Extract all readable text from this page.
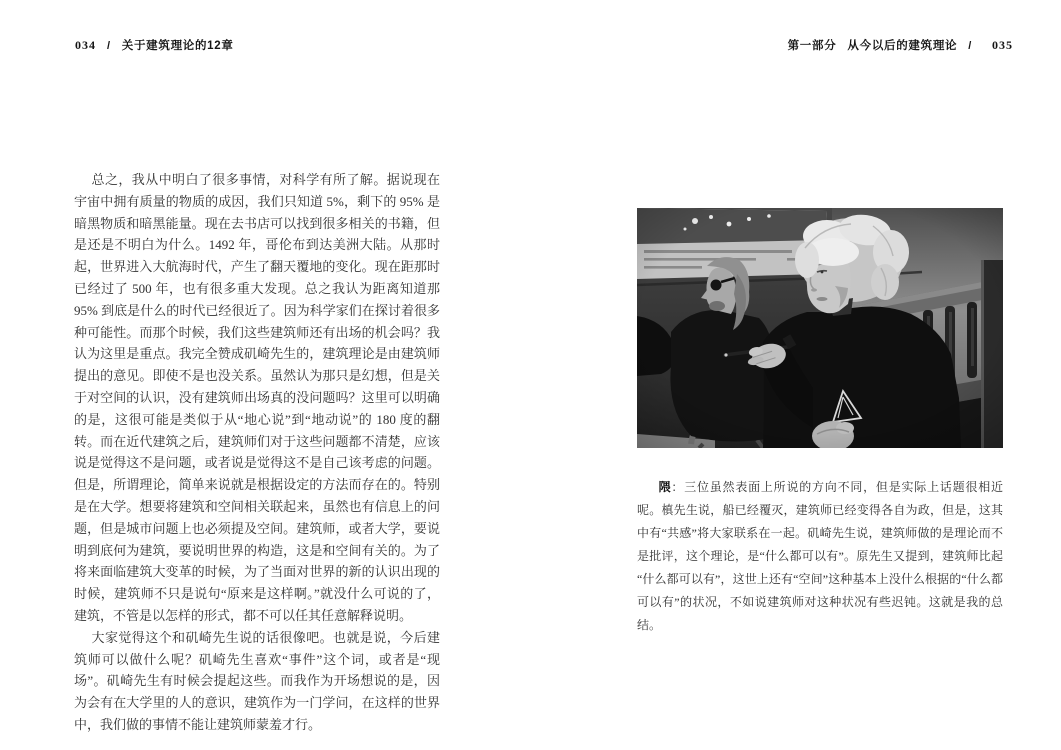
034 / 关于建筑理论的12章	第一部分 从今以后的建筑理论 / 035

总之，我从中明白了很多事情，对科学有所了解。据说现在宇宙中拥有质量的物质的成因，我们只知道 5%，剩下的 95% 是暗黑物质和暗黑能量。现在去书店可以找到很多相关的书籍，但是还是不明白为什么。1492 年，哥伦布到达美洲大陆。从那时起，世界进入大航海时代，产生了翻天覆地的变化。现在距那时已经过了 500 年，也有很多重大发现。总之我认为距离知道那 95% 到底是什么的时代已经很近了。因为科学家们在探讨着很多种可能性。而那个时候，我们这些建筑师还有出场的机会吗？我认为这里是重点。我完全赞成矶崎先生的，建筑理论是由建筑师提出的意见。即使不是也没关系。虽然认为那只是幻想，但是关于对空间的认识，没有建筑师出场真的没问题吗？这里可以明确的是，这很可能是类似于从“地心说”到“地动说”的 180 度的翻转。而在近代建筑之后，建筑师们对于这些问题都不清楚，应该说是觉得这不是问题，或者说是觉得这不是自己该考虑的问题。但是，所谓理论，简单来说就是根据设定的方法而存在的。特别是在大学。想要将建筑和空间相关联起来，虽然也有信息上的问题，但是城市问题上也必须提及空间。建筑师，或者大学，要说明到底何为建筑，要说明世界的构造，这是和空间有关的。为了将来面临建筑大变革的时候，为了当面对世界的新的认识出现的时候，建筑师不只是说句“原来是这样啊。”就没什么可说的了，建筑，不管是以怎样的形式，都不可以任其任意解释说明。

大家觉得这个和矶崎先生说的话很像吧。也就是说，今后建筑师可以做什么呢？矶崎先生喜欢“事件”这个词，或者是“现场”。矶崎先生有时候会提起这些。而我作为开场想说的是，因为会有在大学里的人的意识，建筑作为一门学问，在这样的世界中，我们做的事情不能让建筑师蒙羞才行。

隈：三位虽然表面上所说的方向不同，但是实际上话题很相近呢。槙先生说，船已经覆灭，建筑师已经变得各自为政，但是，这其中有“共感”将大家联系在一起。矶崎先生说，建筑师做的是理论而不是批评，这个理论，是“什么都可以有”。原先生又提到，建筑师比起“什么都可以有”，这世上还有“空间”这种基本上没什么根据的“什么都可以有”的状况，不如说建筑师对这种状况有些迟钝。这就是我的总结。
